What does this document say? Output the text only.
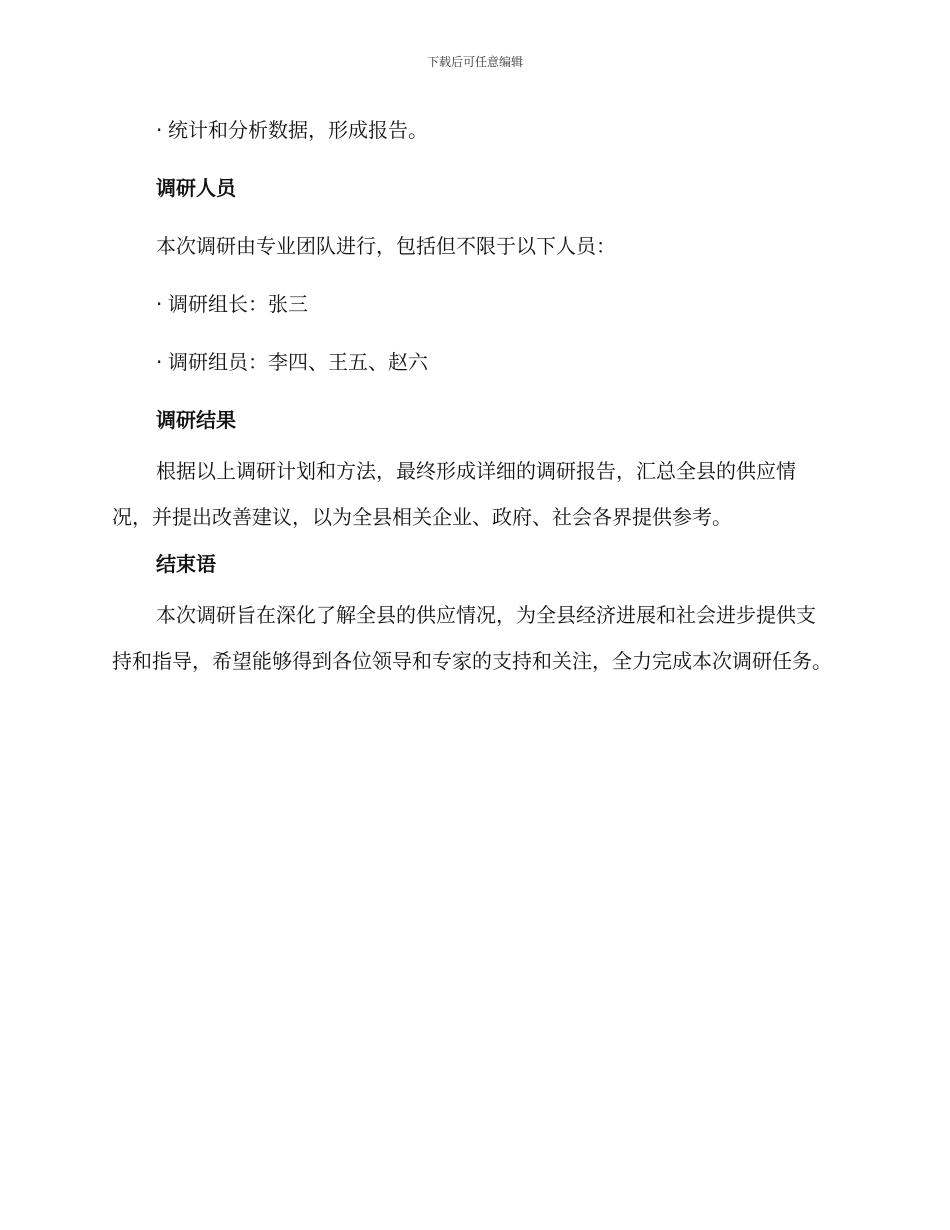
下载后可任意编辑
· 统计和分析数据，形成报告。
调研人员
本次调研由专业团队进行，包括但不限于以下人员：
· 调研组长：张三
· 调研组员：李四、王五、赵六
调研结果
根据以上调研计划和方法，最终形成详细的调研报告，汇总全县的供应情况，并提出改善建议，以为全县相关企业、政府、社会各界提供参考。
结束语
本次调研旨在深化了解全县的供应情况，为全县经济进展和社会进步提供支持和指导，希望能够得到各位领导和专家的支持和关注，全力完成本次调研任务。
